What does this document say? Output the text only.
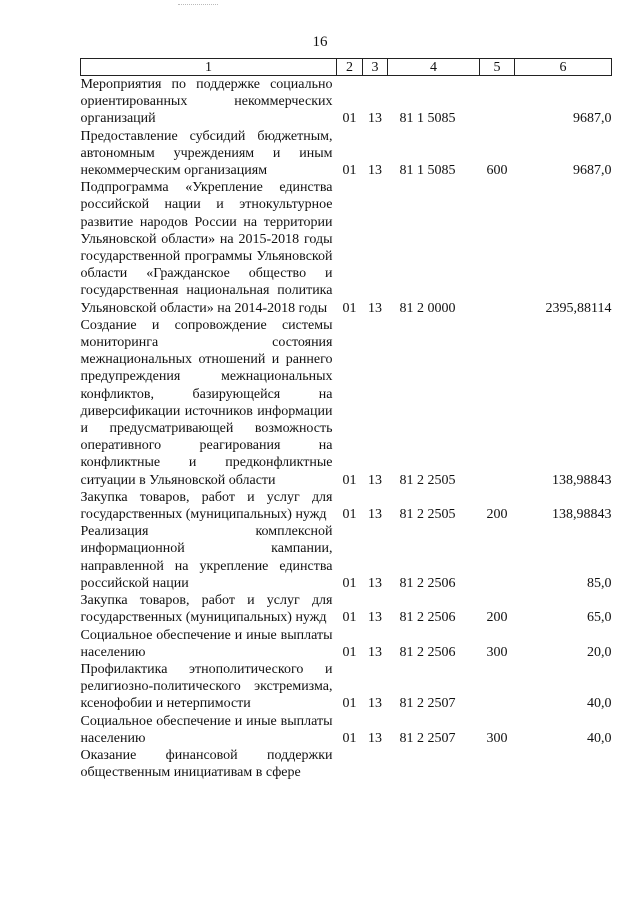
16
1	2	3	4	5	6
Мероприятия по поддержке социально ориентированных некоммерческих организаций	01	13	81 1 5085		9687,0
Предоставление субсидий бюджетным, автономным учреждениям и иным некоммерческим организациям	01	13	81 1 5085	600	9687,0
Подпрограмма «Укрепление единства российской нации и этнокультурное развитие народов России на территории Ульяновской области» на 2015-2018 годы государственной программы Ульяновской области «Гражданское общество и государственная национальная политика Ульяновской области» на 2014-2018 годы	01	13	81 2 0000		2395,88114
Создание и сопровождение системы мониторинга состояния межнациональных отношений и раннего предупреждения межнациональных конфликтов, базирующейся на диверсификации источников информации и предусматривающей возможность оперативного реагирования на конфликтные и предконфликтные ситуации в Ульяновской области	01	13	81 2 2505		138,98843
Закупка товаров, работ и услуг для государственных (муниципальных) нужд	01	13	81 2 2505	200	138,98843
Реализация комплексной информационной кампании, направленной на укрепление единства российской нации	01	13	81 2 2506		85,0
Закупка товаров, работ и услуг для государственных (муниципальных) нужд	01	13	81 2 2506	200	65,0
Социальное обеспечение и иные выплаты населению	01	13	81 2 2506	300	20,0
Профилактика этнополитического и религиозно-политического экстремизма, ксенофобии и нетерпимости	01	13	81 2 2507		40,0
Социальное обеспечение и иные выплаты населению	01	13	81 2 2507	300	40,0
Оказание финансовой поддержки общественным инициативам в сфере					
